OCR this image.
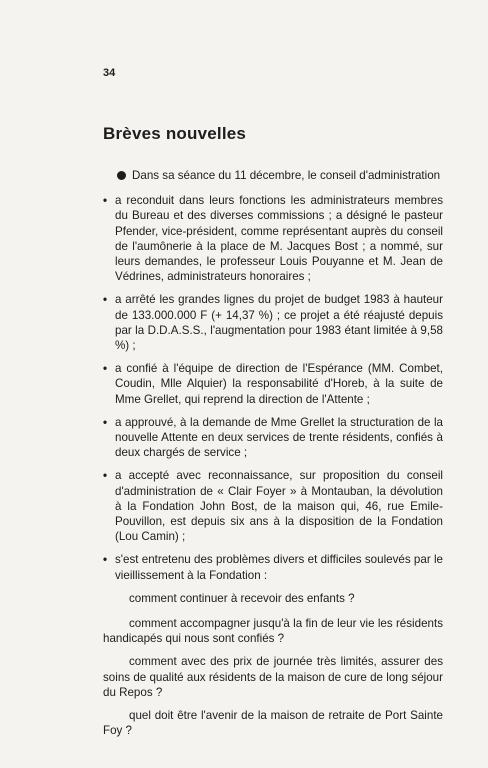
34
Brèves nouvelles

Dans sa séance du 11 décembre, le conseil d'administration

• a reconduit dans leurs fonctions les administrateurs membres du Bureau et des diverses commissions ; a désigné le pasteur Pfender, vice-président, comme représentant auprès du conseil de l'aumônerie à la place de M. Jacques Bost ; a nommé, sur leurs demandes, le professeur Louis Pouyanne et M. Jean de Védrines, administrateurs honoraires ;

• a arrêté les grandes lignes du projet de budget 1983 à hauteur de 133.000.000 F (+ 14,37 %) ; ce projet a été réajusté depuis par la D.D.A.S.S., l'augmentation pour 1983 étant limitée à 9,58 %) ;

• a confié à l'équipe de direction de l'Espérance (MM. Combet, Coudin, Mlle Alquier) la responsabilité d'Horeb, à la suite de Mme Grellet, qui reprend la direction de l'Attente ;

• a approuvé, à la demande de Mme Grellet la structuration de la nouvelle Attente en deux services de trente résidents, confiés à deux chargés de service ;

• a accepté avec reconnaissance, sur proposition du conseil d'administration de « Clair Foyer » à Montauban, la dévolution à la Fondation John Bost, de la maison qui, 46, rue Emile-Pouvillon, est depuis six ans à la disposition de la Fondation (Lou Camin) ;

• s'est entretenu des problèmes divers et difficiles soulevés par le vieillissement à la Fondation :

comment continuer à recevoir des enfants ?

comment accompagner jusqu'à la fin de leur vie les résidents handicapés qui nous sont confiés ?

comment avec des prix de journée très limités, assurer des soins de qualité aux résidents de la maison de cure de long séjour du Repos ?

quel doit être l'avenir de la maison de retraite de Port Sainte Foy ?
